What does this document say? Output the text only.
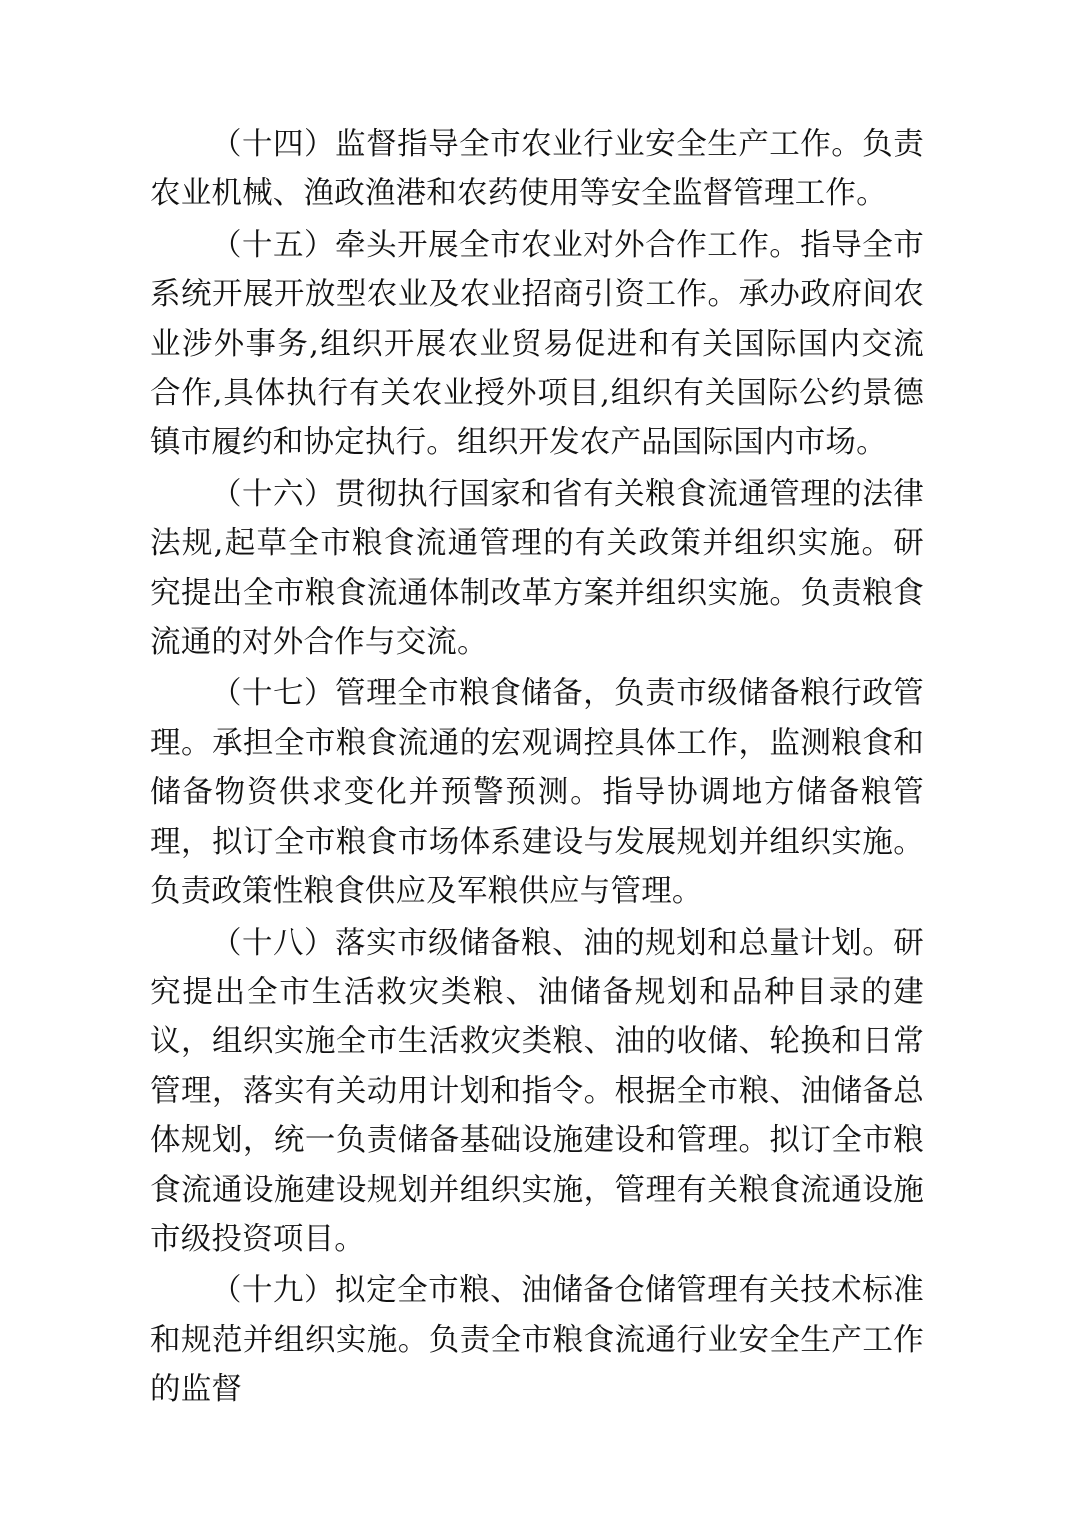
（十四）监督指导全市农业行业安全生产工作。负责农业机械、渔政渔港和农药使用等安全监督管理工作。

（十五）牵头开展全市农业对外合作工作。指导全市系统开展开放型农业及农业招商引资工作。承办政府间农业涉外事务,组织开展农业贸易促进和有关国际国内交流合作,具体执行有关农业授外项目,组织有关国际公约景德镇市履约和协定执行。组织开发农产品国际国内市场。

（十六）贯彻执行国家和省有关粮食流通管理的法律法规,起草全市粮食流通管理的有关政策并组织实施。研究提出全市粮食流通体制改革方案并组织实施。负责粮食流通的对外合作与交流。

（十七）管理全市粮食储备，负责市级储备粮行政管理。承担全市粮食流通的宏观调控具体工作，监测粮食和储备物资供求变化并预警预测。指导协调地方储备粮管理，拟订全市粮食市场体系建设与发展规划并组织实施。负责政策性粮食供应及军粮供应与管理。

（十八）落实市级储备粮、油的规划和总量计划。研究提出全市生活救灾类粮、油储备规划和品种目录的建议，组织实施全市生活救灾类粮、油的收储、轮换和日常管理，落实有关动用计划和指令。根据全市粮、油储备总体规划，统一负责储备基础设施建设和管理。拟订全市粮食流通设施建设规划并组织实施，管理有关粮食流通设施市级投资项目。

（十九）拟定全市粮、油储备仓储管理有关技术标准和规范并组织实施。负责全市粮食流通行业安全生产工作的监督
